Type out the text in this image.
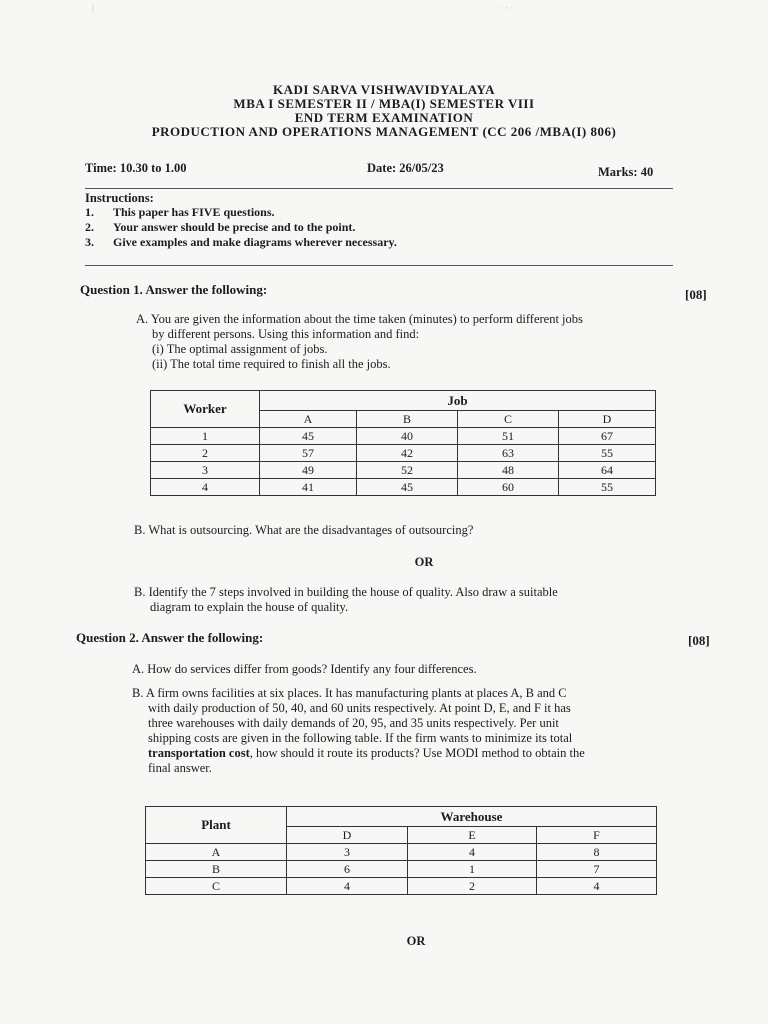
|	· · ·
KADI SARVA VISHWAVIDYALAYA
MBA I SEMESTER II / MBA(I) SEMESTER VIII
END TERM EXAMINATION
PRODUCTION AND OPERATIONS MANAGEMENT (CC 206 /MBA(I) 806)
Time: 10.30 to 1.00	Date: 26/05/23	Marks: 40
Instructions:
1. This paper has FIVE questions.
2. Your answer should be precise and to the point.
3. Give examples and make diagrams wherever necessary.
Question 1. Answer the following:	[08]
A. You are given the information about the time taken (minutes) to perform different jobs
by different persons. Using this information and find:
(i) The optimal assignment of jobs.
(ii) The total time required to finish all the jobs.
Worker	Job			
	A	B	C	D
1	45	40	51	67
2	57	42	63	55
3	49	52	48	64
4	41	45	60	55
B. What is outsourcing. What are the disadvantages of outsourcing?
OR
B. Identify the 7 steps involved in building the house of quality. Also draw a suitable
diagram to explain the house of quality.
Question 2. Answer the following:	[08]
A. How do services differ from goods? Identify any four differences.
B. A firm owns facilities at six places. It has manufacturing plants at places A, B and C
with daily production of 50, 40, and 60 units respectively. At point D, E, and F it has
three warehouses with daily demands of 20, 95, and 35 units respectively. Per unit
shipping costs are given in the following table. If the firm wants to minimize its total
transportation cost, how should it route its products? Use MODI method to obtain the
final answer.
Plant	Warehouse		
	D	E	F
A	3	4	8
B	6	1	7
C	4	2	4
OR
